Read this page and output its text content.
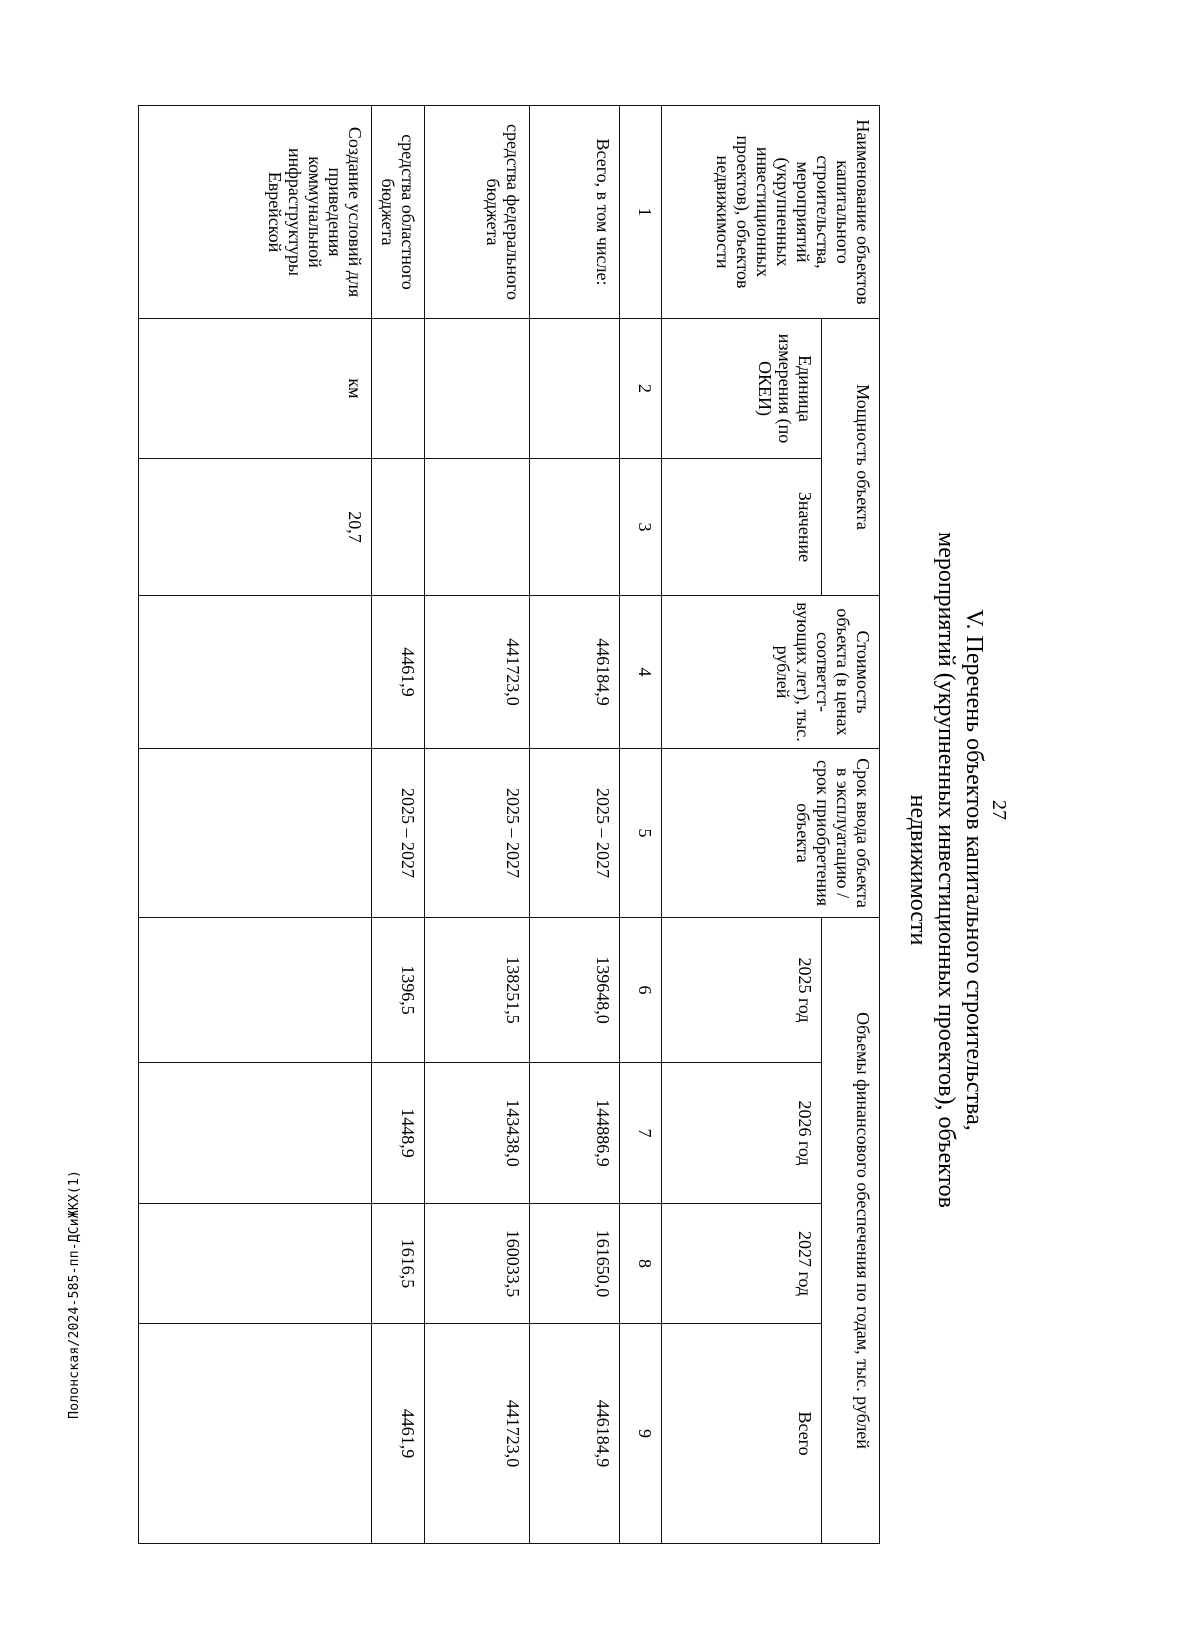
27
V. Перечень объектов капитального строительства,
мероприятий (укрупненных инвестиционных проектов), объектов
недвижимости
Наименование объектов капитального строительства, мероприятий (укрупненных инвестиционных проектов), объектов недвижимости	Мощность объекта		Стоимость объекта (в ценах соответст-вующих лет), тыс. рублей	Срок ввода объекта в эксплуатацию / срок приобретения объекта	Объемы финансового обеспечения по годам, тыс. рублей			
	Единица измерения (по ОКЕИ)	Значение			2025 год	2026 год	2027 год	Всего
1	2	3	4	5	6	7	8	9
Всего, в том числе:			446184,9	2025 – 2027	139648,0	144886,9	161650,0	446184,9
средства федерального бюджета			441723,0	2025 – 2027	138251,5	143438,0	160033,5	441723,0
средства областного бюджета			4461,9	2025 – 2027	1396,5	1448,9	1616,5	4461,9
Создание условий для приведения коммунальной инфраструктуры Еврейской	км	20,7						
Полонская/2024-585-пп-ДСиЖКХ(1)
